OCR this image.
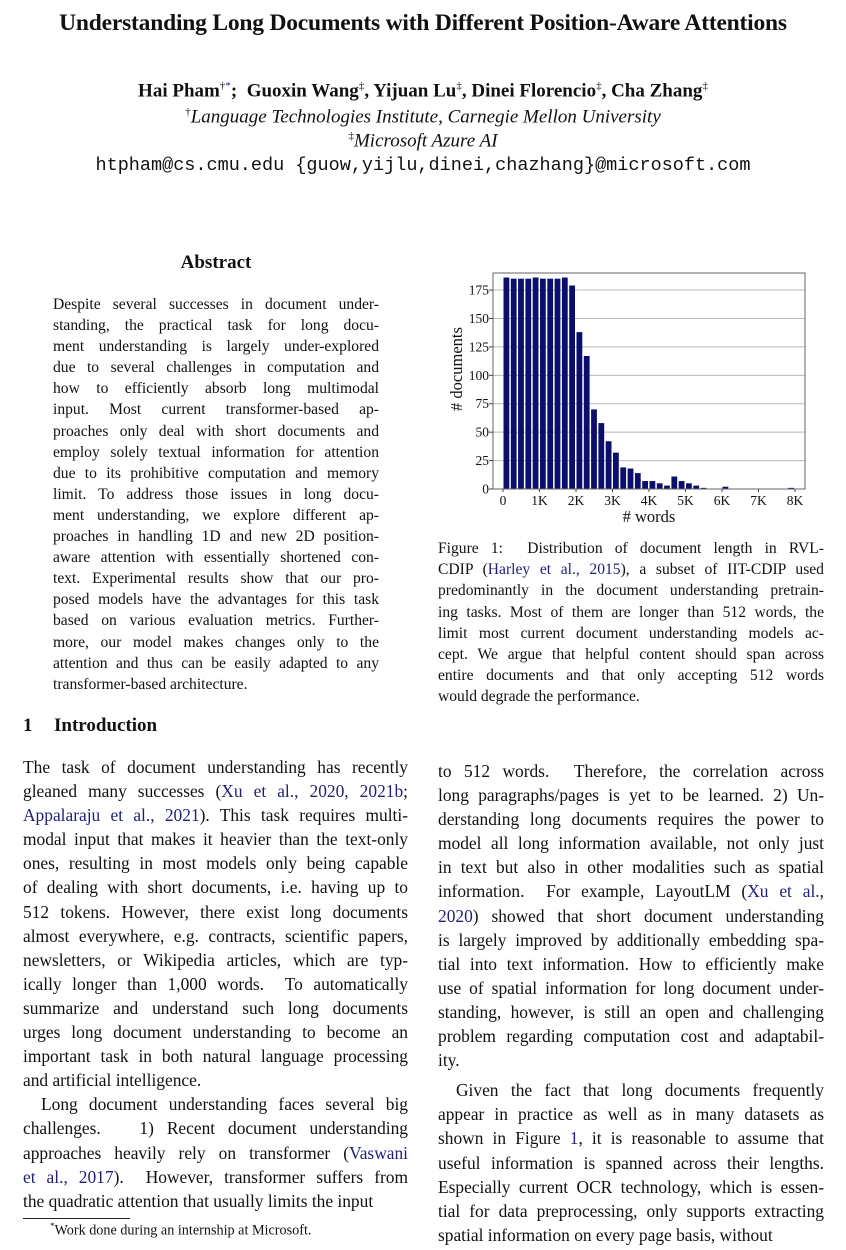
Understanding Long Documents with Different Position-Aware Attentions
Hai Pham†*;  Guoxin Wang‡, Yijuan Lu‡, Dinei Florencio‡, Cha Zhang‡
†Language Technologies Institute, Carnegie Mellon University
‡Microsoft Azure AI
htpham@cs.cmu.edu {guow,yijlu,dinei,chazhang}@microsoft.com
Abstract
Despite several successes in document under-
standing, the practical task for long docu-
ment understanding is largely under-explored
due to several challenges in computation and
how to efficiently absorb long multimodal
input. Most current transformer-based ap-
proaches only deal with short documents and
employ solely textual information for attention
due to its prohibitive computation and memory
limit. To address those issues in long docu-
ment understanding, we explore different ap-
proaches in handling 1D and new 2D position-
aware attention with essentially shortened con-
text. Experimental results show that our pro-
posed models have the advantages for this task
based on various evaluation metrics. Further-
more, our model makes changes only to the
attention and thus can be easily adapted to any
transformer-based architecture.
0
25
50
75
100
125
150
175
0 1K 2K 3K 4K 5K 6K 7K 8K
# words
# documents
Figure 1:  Distribution of document length in RVL-
CDIP (Harley et al., 2015), a subset of IIT-CDIP used
predominantly in the document understanding pretrain-
ing tasks. Most of them are longer than 512 words, the
limit most current document understanding models ac-
cept. We argue that helpful content should span across
entire documents and that only accepting 512 words
would degrade the performance.
1 Introduction
The task of document understanding has recently
gleaned many successes (Xu et al., 2020, 2021b;
Appalaraju et al., 2021). This task requires multi-
modal input that makes it heavier than the text-only
ones, resulting in most models only being capable
of dealing with short documents, i.e. having up to
512 tokens. However, there exist long documents
almost everywhere, e.g. contracts, scientific papers,
newsletters, or Wikipedia articles, which are typ-
ically longer than 1,000 words.  To automatically
summarize and understand such long documents
urges long document understanding to become an
important task in both natural language processing
and artificial intelligence.
Long document understanding faces several big
challenges.   1) Recent document understanding
approaches heavily rely on transformer (Vaswani
et al., 2017).  However, transformer suffers from
the quadratic attention that usually limits the input
to 512 words.  Therefore, the correlation across
long paragraphs/pages is yet to be learned. 2) Un-
derstanding long documents requires the power to
model all long information available, not only just
in text but also in other modalities such as spatial
information.  For example, LayoutLM (Xu et al.,
2020) showed that short document understanding
is largely improved by additionally embedding spa-
tial into text information. How to efficiently make
use of spatial information for long document under-
standing, however, is still an open and challenging
problem regarding computation cost and adaptabil-
ity.
Given the fact that long documents frequently
appear in practice as well as in many datasets as
shown in Figure 1, it is reasonable to assume that
useful information is spanned across their lengths.
Especially current OCR technology, which is essen-
tial for data preprocessing, only supports extracting
spatial information on every page basis, without
*Work done during an internship at Microsoft.
